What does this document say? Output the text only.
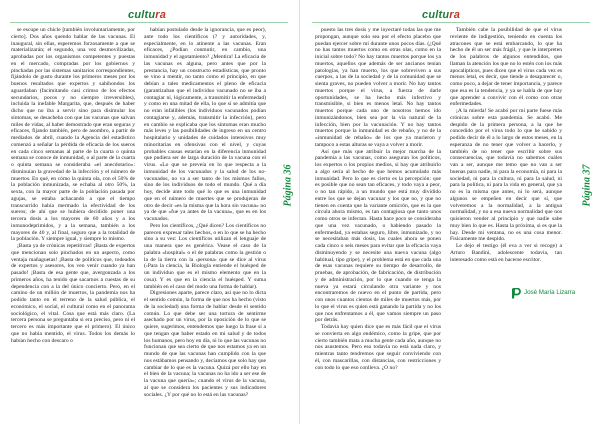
cultura

se escupe un chicle [también involuntariamente, por cierto]. Dos años quendo hablar de las vacunas. El inaugural, sin ellas, esperemos forzosamente a que se materializarán; el segundo, una vez desmovilizadas, aprobadas por los organismos competentes y puestas en el mercado, compradas por los gobiernos y pinchadas por las sistemas sanitarios correspondientes, fijándolo de gusto durante los primeros meses por los buenos resultados que expertos y sabihondos los aguardaban (facimitando casi crimso de los efectos secundarios, pocos y no siempre irreversibles), incluida la inefable Margarita, que, después de haber dicho que no iba a servir sino para disimular los síntomas, se desacheba con que las vacunas que salvan miles de vidas, al haber demostrado que eran seguras y eficaces, fijando también, pero de asombro, a partir de mediados de abril, cuando la Agencia del estadístico comenzó a señalar la pérdida de eficacia de los sueros en cada cinco semanas al parte de la cuarta o quinta semana se conoce de inmunidad, o al parte de la cuarta o quinta semana se consideraba «el anecdotario»: disminuían la gravedad de la infección y el número de muertos. En qué, en cómo la quinta ola, con el 50% de la población inmunizada, se echaba al otro 50%, la sexta, con la mayor parte de la población pasada por agujas, se estaba achacando a que el tiempo transcurrido había mermado la efectividad de los sueros; de ahí que se hubiera decidido poner una tercera dosis a los mayores de 60 años y a los inmunodeprimidos, y a la semana, también a los mayores de 40 y, al final, seguro que a la totalidad de la población. Y siempre igual, y siempre lo mismo.

¡Basta ya de crónicas repetitivas! ¡Basta de expertos que mencionan solo pinchados en un aspecto, como ventaja mañaguetas! ¡Basta de políticos que, rodeados de expertos y asesores, los ven venir cuando ya han pasado! ¡Basta de esa gente que, avergonzada a los primeros años, ha tenido que sacarnos a cuestas de su dependencia con a la del único concierto. Pero, en el camino de un millón de muertos, la pandemia nos ha podido tanto en el terreno de la salud pública, el económico, el social, el cultural como en el panorama sociológico, el vital. Cosa que está más claro. (La tercera persona se preguntaba si era preciso, pero ni el tercero es más importante que el primero). El único que no había mentido, el virus. Todos los demás lo habían hecho con descaro o

habían postulado desde la ignorancia, que es peor), ante todo los científicos (? y autoridades, y, especialmente, en lo atinente a las vacunas. Eran eficaces, ¿Podían conmutir, en cambio, una inmunidad y el agotamiento? ¿Mentira! La eficacia de las vacunas es alguna, pero antes que por la prestancia, hay un constructo estadísticas, que pronto se vino a mentir, no tanto como el principio, en que debían a tales medicamentos el pleno de eficacia (garantizaban que el individuo vacunado no se iba a contagiar ni, lógicamente, a transmitir la enfermedad) y como en una mitad de ella, lo que sí se admitía que no eran infalibles (los individuos vacunados podían contagiarse y, además, transmitir la infección), pero en cambio se explicaba que los síntomas eran mucho más leves y las posibilidades de ingreso en un centro hospitalario y unidades de cuidados intensivos muy minoritarias en ofensivas con el nivel, y cuyas probables causas estarían en la diferencia inmunidad que pudiera ser de larga duración de la vacuna con el virus. «Lo que se preveía en lo que respecta a la inmunidad de los vacunados y la salud de los no-vacunados, no va a ser tanto de los mismos fallos, sino de los individuos de todo el mundo. Qué a día hoy, decide ante todo qué lo que es una inmunidad que en el número de muertes que se produjeran de otro de decir «es la misma que la hora sin vacuna» no ya de que «fue ya antes de la vacuna», que es en los vacunados.

Pero los científicos, ¿Qué dicen? Los científicos no parecen expresar tales hechos, o en lo que se ha hecho sino a su vez: Los científicos utilizan el lenguaje de una manera que es genérica. Veasе el caso de la palabra «hospital» o el de palabras como la gestión o la de la tierra con la ‹persona› que se dice al virus (‹Para la ciencia, la Biología entiende el huésped de un individuo que es el mismo elemento que en la cosa). Y es que en la ciencia el huésped. Y suma también en el caso del modo una forma de hablar).

Digresiones aparte, parece claro, así que no lo dicta el sentido común, la forma de que nos ha hecho (visto de la sociedad) una forma de hablar desde el sentido común. Lo que debe ser una tortura de sentirme asechado por un virus, por la oposición de lo que se quiere, sugerimos, entendemos que luego la frase sí a que tengan que haber estado en mi salud y de todos los humanos, pero hoy en día, ni lo que las vacunas no funcionan que sea cierto de que nos estamos ya en un mundo de que las vacunas han cumplido con la que nos estábamos pensando y, decíamos que solo hay que cambiar de lo que es la vacuna. Quizá por ello hay en el bien de la vacuna; la vacunas no ha ido a ser ese de la vacuna que quería»; cuando el virus de la vacuna, al que se considera los pacientes y sus indicadores sociales. ¿Y por qué no lo está en las vacunas?

Página 36
cultura

puesto las tres dosis y me inyectaré todas las que me propongan, aunque solo sea por el efecto placebo que puedan ejercer sobre mí durante unos pocos días. (¿Qué no has tantos muertos como en otras olas, como en la inicial sobre todo? No hay tantos muertos porque los ya muertos, aquellos que además de ser ancianos tenían patologías, ya han muerto, los que sobreviven a sus cuerpos, a las de la sociedad y de la comunidad que se sienta graves, no pueden volver a morir. No hay tantos muertos porque el virus, a fuerza de darle oportunidades, se ha hecho más infectivo y transmisible, si bien es menos letal. No hay tantos muertos porque cada uno de nosotros hemos ido inmunizándonos, bien sea por la vía natural de la infección, bien por la vacunación. Y no hay tantos muertos porque la inmunidad es de rebaño, y no de la «inmunidad de rebaño» de los que ya murieron y tampoco a estas alturas se vaya a volver a morir.

Así que más que atribuir la mejor marcha de la pandemia a las vacunas, como aseguran los políticos, los expertos o los propios medios, si hay que atribuirlo a algo sería al hecho de que hemos acumulado más inmunidad. Pero lo que es cierto es la percepción: que es posible que no sean tan eficaces, y todo vaya a peor, o no tan rápido, a un mundo que está muy dividido entre los que se dejan vacunar y los que no, y que no tienen en cuenta que la variante omicrón, que es la que circula ahora mismo, es tan contagiosa que tanto unos como otros se infectan. Hasta hace poco se consideraba que una vez vacunado, o habiendo pasado la enfermedad, ya estabas seguro, libre, inmunizado, y no se necesitaban más dosis, las cuales ahora se ponen cada cinco o seis meses para evitar que la eficacia vaya disminuyendo y se necesite una nueva vacuna (algo habitual, tipo gripe), y el problema está en que cada una de esas vacunas requiere su tiempo de desarrollo, de pruebas, de aprobación, de fabricación, de distribución y de administración, por lo que cuando se tenga la nueva ya estará circulando otra variante y nos encontraremos de nuevo en el punto de partida, pero con unos cuantos cientos de miles de muertos más, por lo que el virus es quien está ganando la partida y no los que nos enfrentamos a él, que vamos siempre un paso por detrás.

Todavía hay quien dice que es más fácil que el virus se convierta en algo endémico, como la gripe, que por cierto también mata a mucha gente cada año, aunque no nos asustemos. Pero eso todavía no está nada claro, y mientras tanto tendremos que seguir conviviendo con él, con mascarillas, con distancias, con restricciones y con todo lo que eso conlleva. ¿O no?

También cabe la posibilidad de que el virus reviente de indigestión, teniendo en cuenta los atracones que se está embarcando, lo que ha hecho de él un ser más frágil, y que le interpreten de los palabros de algunos entendidos, que llaman la atención los que no lo estén con los más apocalípticos, pues dicen que el virus cada vez es menos letal, es decir, que tiende a desaparecer o, como poco, a dejar de tener importancia, y parece que esa es la tendencia, y ya se habla de que hay que aprender a convivir con él como con otras enfermedades.

¡A la mierda! Se acabó por mi parte fuese más crónicas sobre esta pandemia. Se acabó. Me despido de la primera persona, a la que he concedido por el virus todo lo que he sabido y podido decir de él a lo largo de estos meses, en la esperanza de no tener que volver a hacerlo, y también de no tener que escribir sobre sus consecuencias, que todavía no sabemos cuáles van a ser, aunque me temo que no van a ser buenas para nadie, ni para la economía, ni para la sociedad, ni para la cultura, ni para la salud, ni para la política, ni para la vida en general, que ya no es la misma que antes, ni lo será, aunque algunos se empeñen en decir que sí, que volveremos a la normalidad, a la antigua normalidad, y no a esa nueva normalidad que nos quisieron vender al principio y que nadie sabe muy bien lo que es. Hasta la próxima, si es que la hay. Desde mi ventana, no es una cosa menor. Fisicamente me despido.

Le dejo el testigo (él eva a ver si recoge) a Arturo Bandini, adolescente todavía, tan interesado como está en hacerse escritor.

José María Lizarra
Página 37
